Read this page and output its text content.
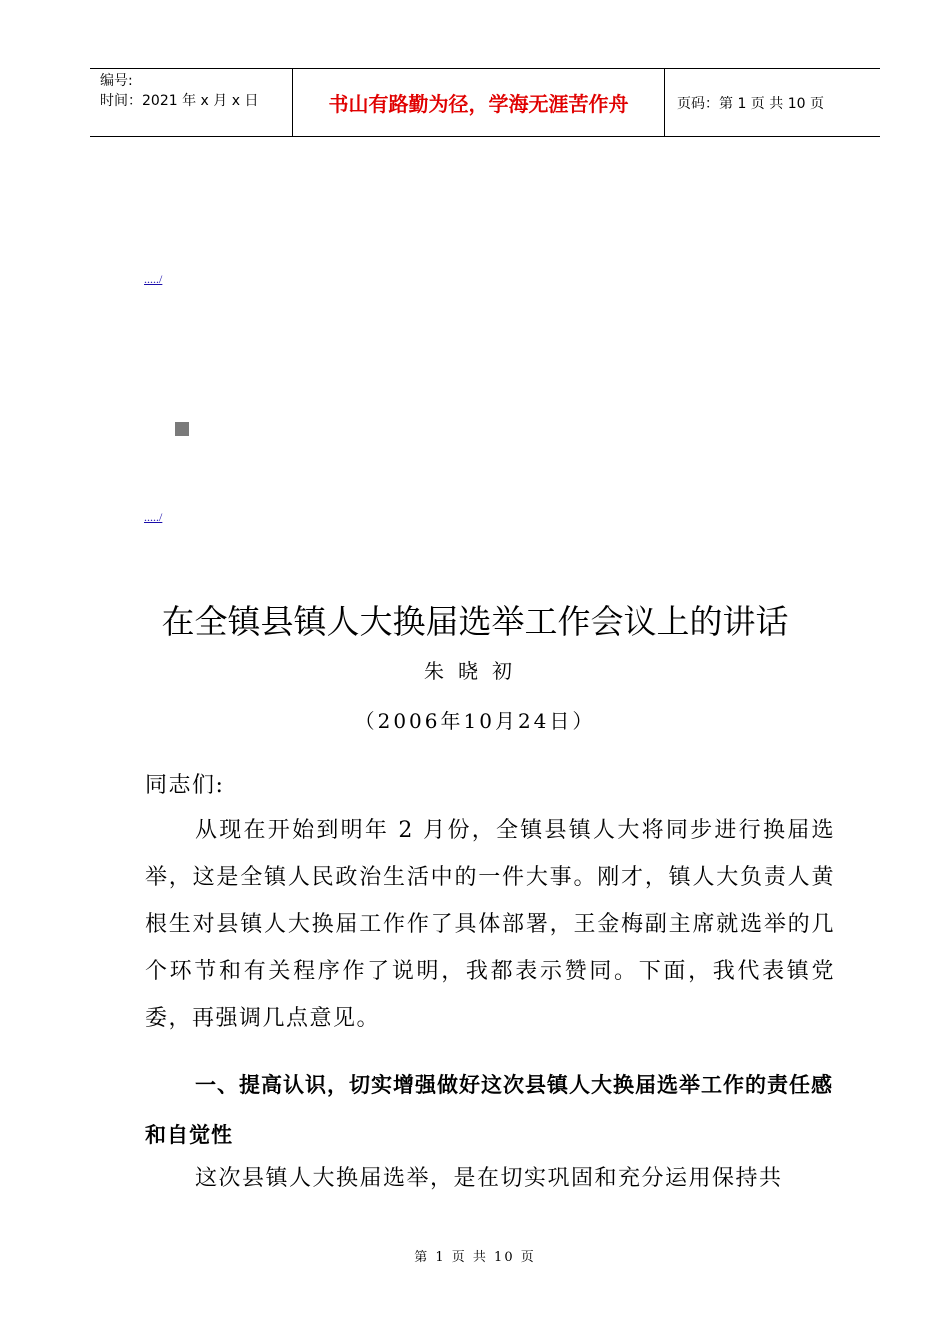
编号:
时间：2021 年 x 月 x 日	书山有路勤为径，学海无涯苦作舟	页码：第 1 页 共 10 页
...../
...../
在全镇县镇人大换届选举工作会议上的讲话
朱晓初
（2006年10月24日）
同志们:
从现在开始到明年 2 月份，全镇县镇人大将同步进行换届选举，这是全镇人民政治生活中的一件大事。刚才，镇人大负责人黄根生对县镇人大换届工作作了具体部署，王金梅副主席就选举的几个环节和有关程序作了说明，我都表示赞同。下面，我代表镇党委，再强调几点意见。
一、提高认识，切实增强做好这次县镇人大换届选举工作的责任感和自觉性
这次县镇人大换届选举，是在切实巩固和充分运用保持共
第 1 页 共 10 页
